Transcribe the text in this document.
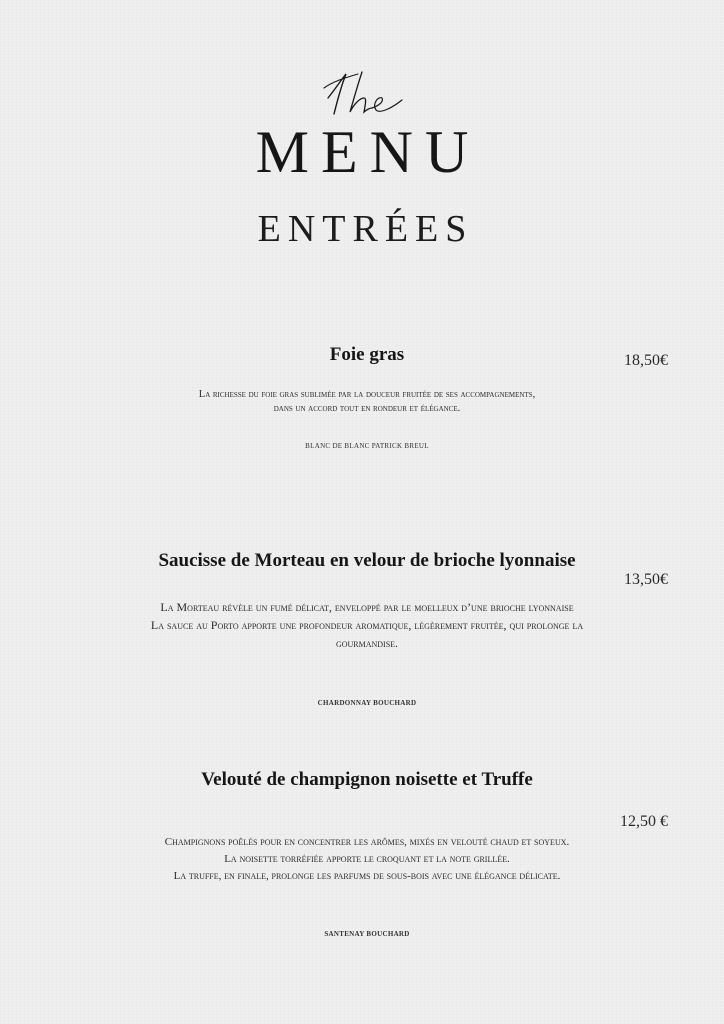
MENU
ENTRÉES
Foie gras	18,50€

La richesse du foie gras sublimée par la douceur fruitée de ses accompagnements,

dans un accord tout en rondeur et élégance.

BLANC DE BLANC PATRICK BREUL
Saucisse de Morteau en velour de brioche lyonnaise
13,50€

La Morteau révèle un fumé délicat, enveloppé par le moelleux d’une brioche lyonnaise

La sauce au Porto apporte une profondeur aromatique, légèrement fruitée, qui prolonge la gourmandise.

CHARDONNAY BOUCHARD
Velouté de champignon noisette et Truffe
12,50 €

Champignons poêlés pour en concentrer les arômes, mixés en velouté chaud et soyeux.

La noisette torréfiée apporte le croquant et la note grillée.

La truffe, en finale, prolonge les parfums de sous-bois avec une élégance délicate.

SANTENAY BOUCHARD
